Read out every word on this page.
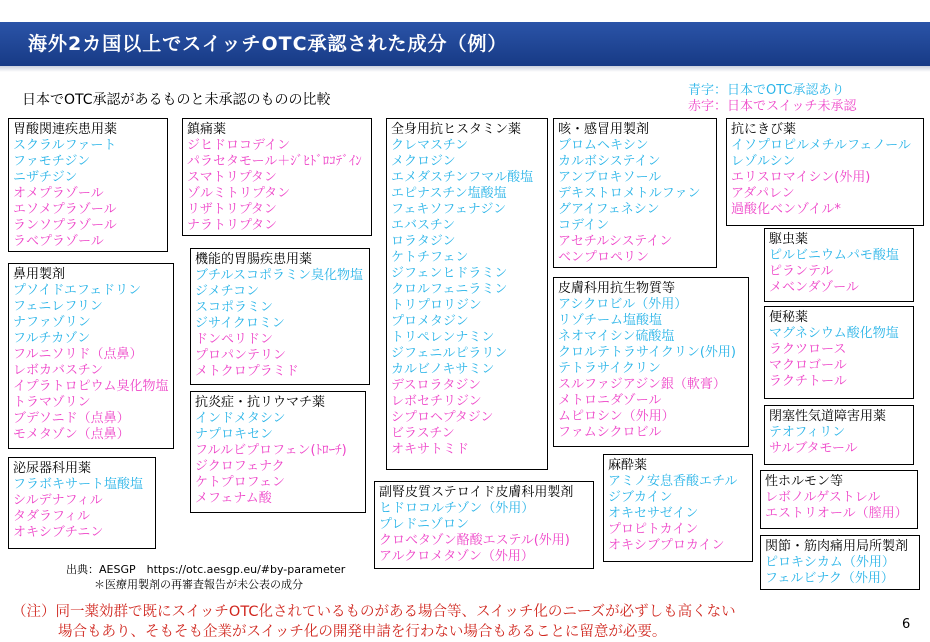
海外2カ国以上でスイッチOTC承認された成分（例）
日本でOTC承認があるものと未承認のものの比較
青字：日本でOTC承認あり
赤字：日本でスイッチ未承認
胃酸関連疾患用薬
スクラルファート
ファモチジン
ニザチジン
オメプラゾール
エソメプラゾール
ランソプラゾール
ラベプラゾール
鼻用製剤
プソイドエフェドリン
フェニレフリン
ナファゾリン
フルチカゾン
フルニソリド（点鼻）
レボカバスチン
イプラトロピウム臭化物塩
トラマゾリン
ブデソニド（点鼻）
モメタゾン（点鼻）
泌尿器科用薬
フラボキサート塩酸塩
シルデナフィル
タダラフィル
オキシブチニン
鎮痛薬
ジヒドロコデイン
パラセタモール＋ｼﾞﾋﾄﾞﾛｺﾃﾞｲﾝ
スマトリプタン
ゾルミトリプタン
リザトリプタン
ナラトリプタン
機能的胃腸疾患用薬
ブチルスコポラミン臭化物塩
ジメチコン
スコポラミン
ジサイクロミン
ドンペリドン
プロパンテリン
メトクロプラミド
抗炎症・抗リウマチ薬
インドメタシン
ナプロキセン
フルルビプロフェン(ﾄﾛｰﾁ)
ジクロフェナク
ケトプロフェン
メフェナム酸
全身用抗ヒスタミン薬
クレマスチン
メクロジン
エメダスチンフマル酸塩
エピナスチン塩酸塩
フェキソフェナジン
エバスチン
ロラタジン
ケトチフェン
ジフェンヒドラミン
クロルフェニラミン
トリプロリジン
プロメタジン
トリペレンナミン
ジフェニルピラリン
カルビノキサミン
デスロラタジン
レボセチリジン
シプロヘプタジン
ビラスチン
オキサトミド
副腎皮質ステロイド皮膚科用製剤
ヒドロコルチゾン（外用）
プレドニゾロン
クロベタゾン酪酸エステル(外用)
アルクロメタゾン（外用）
咳・感冒用製剤
ブロムヘキシン
カルボシステイン
アンブロキソール
デキストロメトルファン
グアイフェネシン
コデイン
アセチルシステイン
ベンプロペリン
皮膚科用抗生物質等
アシクロビル（外用）
リゾチーム塩酸塩
ネオマイシン硫酸塩
クロルテトラサイクリン(外用)
テトラサイクリン
スルファジアジン銀（軟膏）
メトロニダゾール
ムピロシン（外用）
ファムシクロビル
麻酔薬
アミノ安息香酸エチル
ジブカイン
オキセサゼイン
プロピトカイン
オキシブプロカイン
抗にきび薬
イソプロピルメチルフェノール
レゾルシン
エリスロマイシン(外用)
アダパレン
過酸化ベンゾイル*
駆虫薬
ピルビニウムパモ酸塩
ピランテル
メベンダゾール
便秘薬
マグネシウム酸化物塩
ラクツロース
マクロゴール
ラクチトール
閉塞性気道障害用薬
テオフィリン
サルブタモール
性ホルモン等
レボノルゲストレル
エストリオール（膣用）
関節・筋肉痛用局所製剤
ピロキシカム（外用）
フェルビナク（外用）
出典：AESGP　https://otc.aesgp.eu/#by-parameter
＊医療用製剤の再審査報告が未公表の成分
（注）同一薬効群で既にスイッチOTC化されているものがある場合等、スイッチ化のニーズが必ずしも高くない
場合もあり、そもそも企業がスイッチ化の開発申請を行わない場合もあることに留意が必要。	6
